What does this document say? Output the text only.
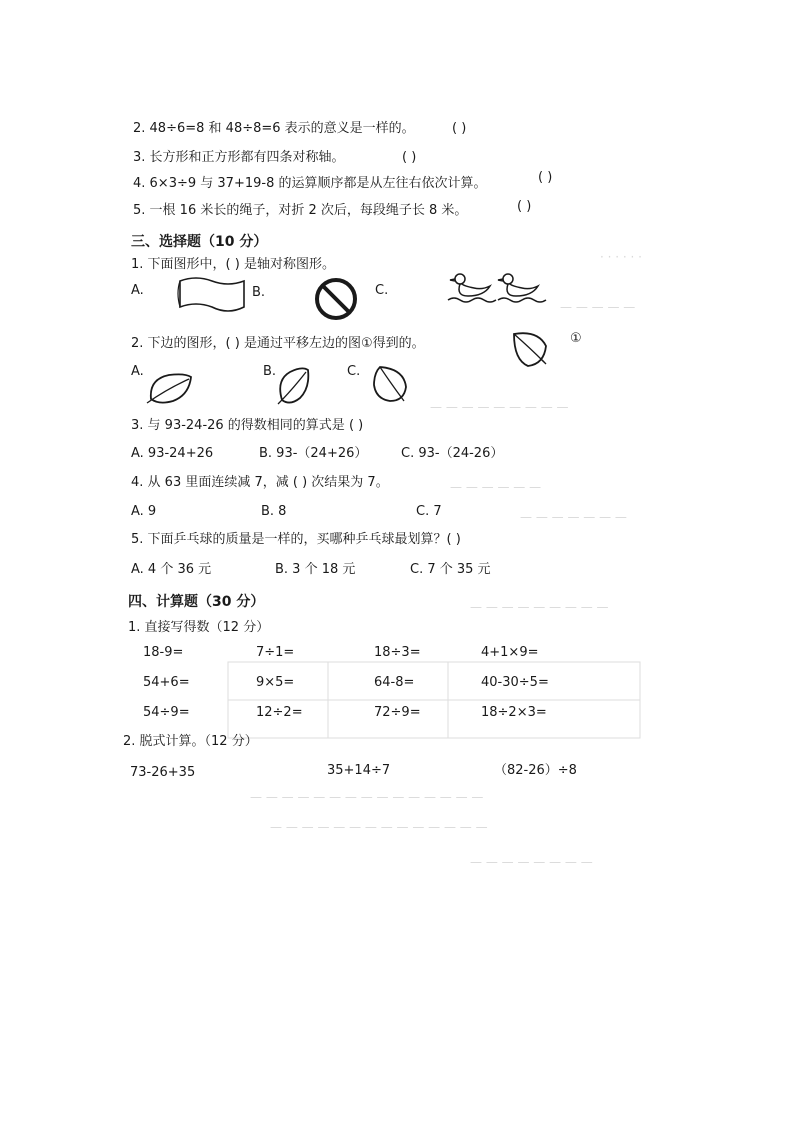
· · · · · ·
— — — — —
— — — — — — — — —
— — — — — —
— — — — — — —
— — — — — — — — —
— — — — — — — — — — — — — — —
— — — — — — — — — — — — — —
— — — — — — — —
2. 48÷6=8 和 48÷8=6 表示的意义是一样的。	( )
3. 长方形和正方形都有四条对称轴。	( )
4. 6×3÷9 与 37+19-8 的运算顺序都是从左往右依次计算。	( )
5. 一根 16 米长的绳子，对折 2 次后，每段绳子长 8 米。	( )
三、选择题（10 分）
1. 下面图形中，( ) 是轴对称图形。
A.	B.	C.
2. 下边的图形，( ) 是通过平移左边的图①得到的。	①
A.	B.	C.
3. 与 93-24-26 的得数相同的算式是 ( )
A. 93-24+26	B. 93-（24+26）	C. 93-（24-26）
4. 从 63 里面连续减 7，减 ( ) 次结果为 7。
A. 9	B. 8	C. 7
5. 下面乒乓球的质量是一样的，买哪种乒乓球最划算？( )
A. 4 个 36 元	B. 3 个 18 元	C. 7 个 35 元
四、计算题（30 分）
1. 直接写得数（12 分）
18-9=	7÷1=	18÷3=	4+1×9=
54+6=	9×5=	64-8=	40-30÷5=
54÷9=	12÷2=	72÷9=	18÷2×3=
2. 脱式计算。（12 分）
73-26+35	35+14÷7	（82-26）÷8
